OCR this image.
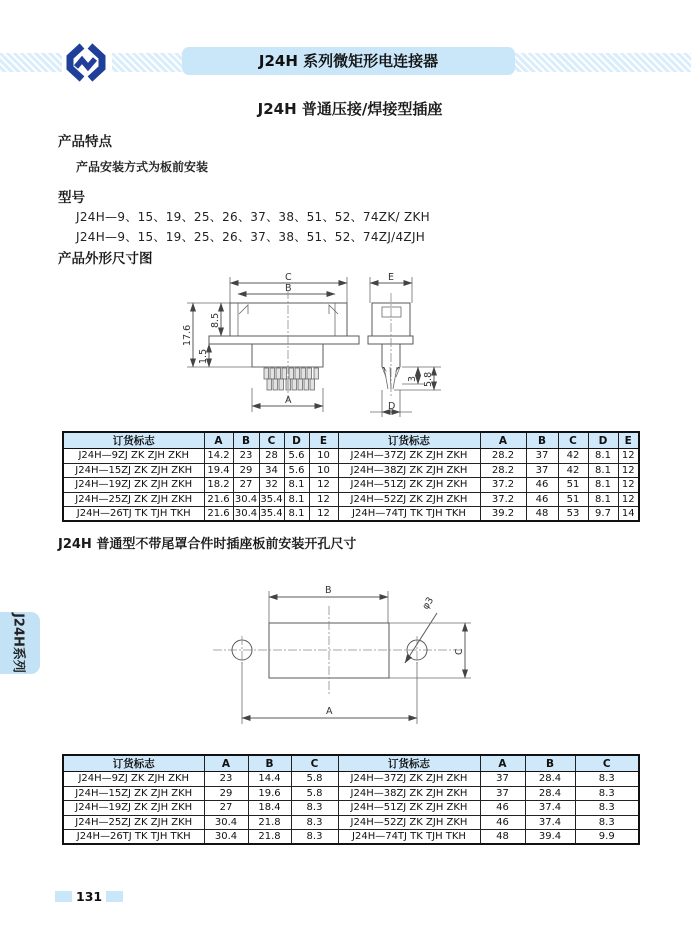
J24H 系列微矩形电连接器
J24H 普通压接/焊接型插座
产品特点
产品安装方式为板前安装
型号
J24H—9、15、19、25、26、37、38、51、52、74ZK/ ZKH
J24H—9、15、19、25、26、37、38、51、52、74ZJ/4ZJH
产品外形尺寸图
C
B
17.6
8.5
1.5
A
E
3 5.8
D
订货标志	A	B	C	D	E	订货标志	A	B	C	D	E
J24H—9ZJ ZK ZJH ZKH	14.2	23	28	5.6	10	J24H—37ZJ ZK ZJH ZKH	28.2	37	42	8.1	12
J24H—15ZJ ZK ZJH ZKH	19.4	29	34	5.6	10	J24H—38ZJ ZK ZJH ZKH	28.2	37	42	8.1	12
J24H—19ZJ ZK ZJH ZKH	18.2	27	32	8.1	12	J24H—51ZJ ZK ZJH ZKH	37.2	46	51	8.1	12
J24H—25ZJ ZK ZJH ZKH	21.6	30.4	35.4	8.1	12	J24H—52ZJ ZK ZJH ZKH	37.2	46	51	8.1	12
J24H—26TJ TK TJH TKH	21.6	30.4	35.4	8.1	12	J24H—74TJ TK TJH TKH	39.2	48	53	9.7	14
J24H 普通型不带尾罩合件时插座板前安装开孔尺寸
B
φ3
A
C
订货标志	A	B	C	订货标志	A	B	C
J24H—9ZJ ZK ZJH ZKH	23	14.4	5.8	J24H—37ZJ ZK ZJH ZKH	37	28.4	8.3
J24H—15ZJ ZK ZJH ZKH	29	19.6	5.8	J24H—38ZJ ZK ZJH ZKH	37	28.4	8.3
J24H—19ZJ ZK ZJH ZKH	27	18.4	8.3	J24H—51ZJ ZK ZJH ZKH	46	37.4	8.3
J24H—25ZJ ZK ZJH ZKH	30.4	21.8	8.3	J24H—52ZJ ZK ZJH ZKH	46	37.4	8.3
J24H—26TJ TK TJH TKH	30.4	21.8	8.3	J24H—74TJ TK TJH TKH	48	39.4	9.9
J24H系列
131
